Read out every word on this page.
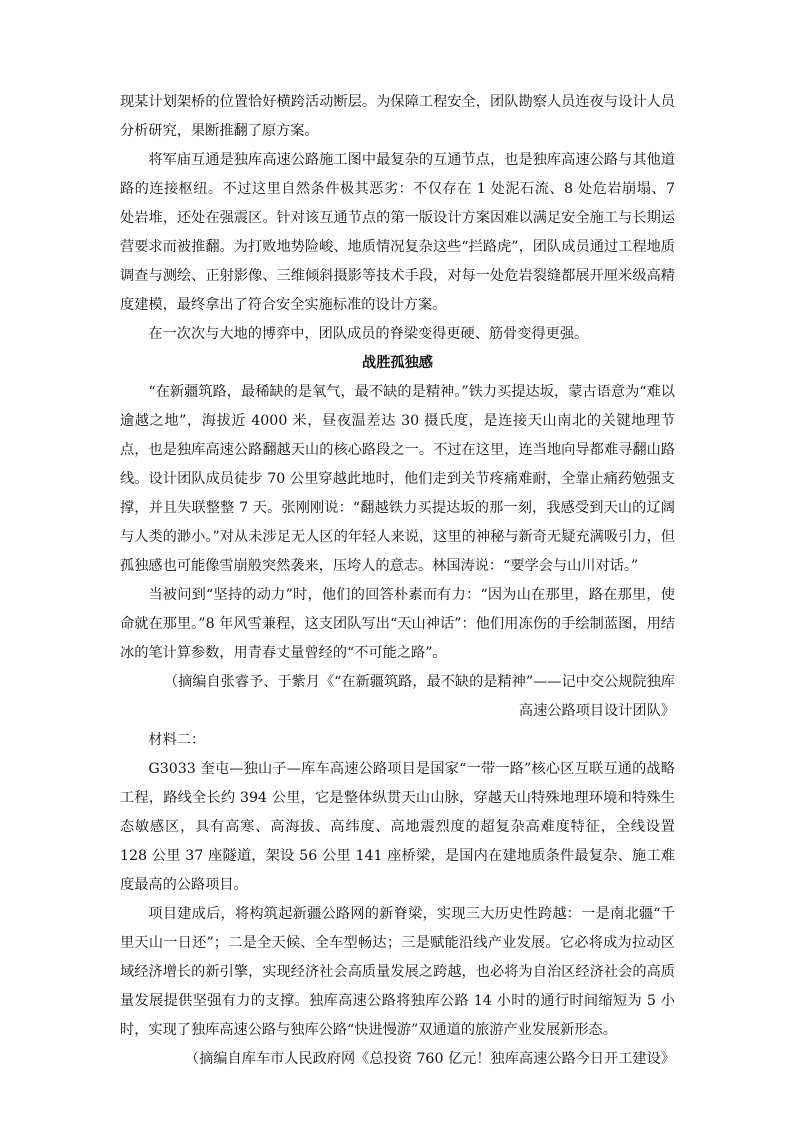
现某计划架桥的位置恰好横跨活动断层。为保障工程安全，团队勘察人员连夜与设计人员分析研究，果断推翻了原方案。

将军庙互通是独库高速公路施工图中最复杂的互通节点，也是独库高速公路与其他道路的连接枢纽。不过这里自然条件极其恶劣：不仅存在 1 处泥石流、8 处危岩崩塌、7 处岩堆，还处在强震区。针对该互通节点的第一版设计方案因难以满足安全施工与长期运营要求而被推翻。为打败地势险峻、地质情况复杂这些“拦路虎”，团队成员通过工程地质调查与测绘、正射影像、三维倾斜摄影等技术手段，对每一处危岩裂缝都展开厘米级高精度建模，最终拿出了符合安全实施标准的设计方案。

在一次次与大地的博弈中，团队成员的脊梁变得更硬、筋骨变得更强。

战胜孤独感

“在新疆筑路，最稀缺的是氧气，最不缺的是精神。”铁力买提达坂，蒙古语意为“难以逾越之地”，海拔近 4000 米，昼夜温差达 30 摄氏度，是连接天山南北的关键地理节点，也是独库高速公路翻越天山的核心路段之一。不过在这里，连当地向导都难寻翻山路线。设计团队成员徒步 70 公里穿越此地时，他们走到关节疼痛难耐，全靠止痛药勉强支撑，并且失联整整 7 天。张刚刚说：“翻越铁力买提达坂的那一刻，我感受到天山的辽阔与人类的渺小。”对从未涉足无人区的年轻人来说，这里的神秘与新奇无疑充满吸引力，但孤独感也可能像雪崩般突然袭来，压垮人的意志。林国涛说：“要学会与山川对话。”

当被问到“坚持的动力”时，他们的回答朴素而有力：“因为山在那里，路在那里，使命就在那里。”8 年风雪兼程，这支团队写出“天山神话”：他们用冻伤的手绘制蓝图，用结冰的笔计算参数，用青春丈量曾经的“不可能之路”。

（摘编自张睿予、于紫月《“在新疆筑路，最不缺的是精神”——记中交公规院独库

高速公路项目设计团队》

材料二：

G3033 奎屯—独山子—库车高速公路项目是国家“一带一路”核心区互联互通的战略工程，路线全长约 394 公里，它是整体纵贯天山山脉，穿越天山特殊地理环境和特殊生态敏感区，具有高寒、高海拔、高纬度、高地震烈度的超复杂高难度特征，全线设置 128 公里 37 座隧道，架设 56 公里 141 座桥梁，是国内在建地质条件最复杂、施工难度最高的公路项目。

项目建成后，将构筑起新疆公路网的新脊梁，实现三大历史性跨越：一是南北疆“千里天山一日还”；二是全天候、全车型畅达；三是赋能沿线产业发展。它必将成为拉动区域经济增长的新引擎，实现经济社会高质量发展之跨越，也必将为自治区经济社会的高质量发展提供坚强有力的支撑。独库高速公路将独库公路 14 小时的通行时间缩短为 5 小时，实现了独库高速公路与独库公路“快进慢游”双通道的旅游产业发展新形态。

（摘编自库车市人民政府网《总投资 760 亿元！独库高速公路今日开工建设》
